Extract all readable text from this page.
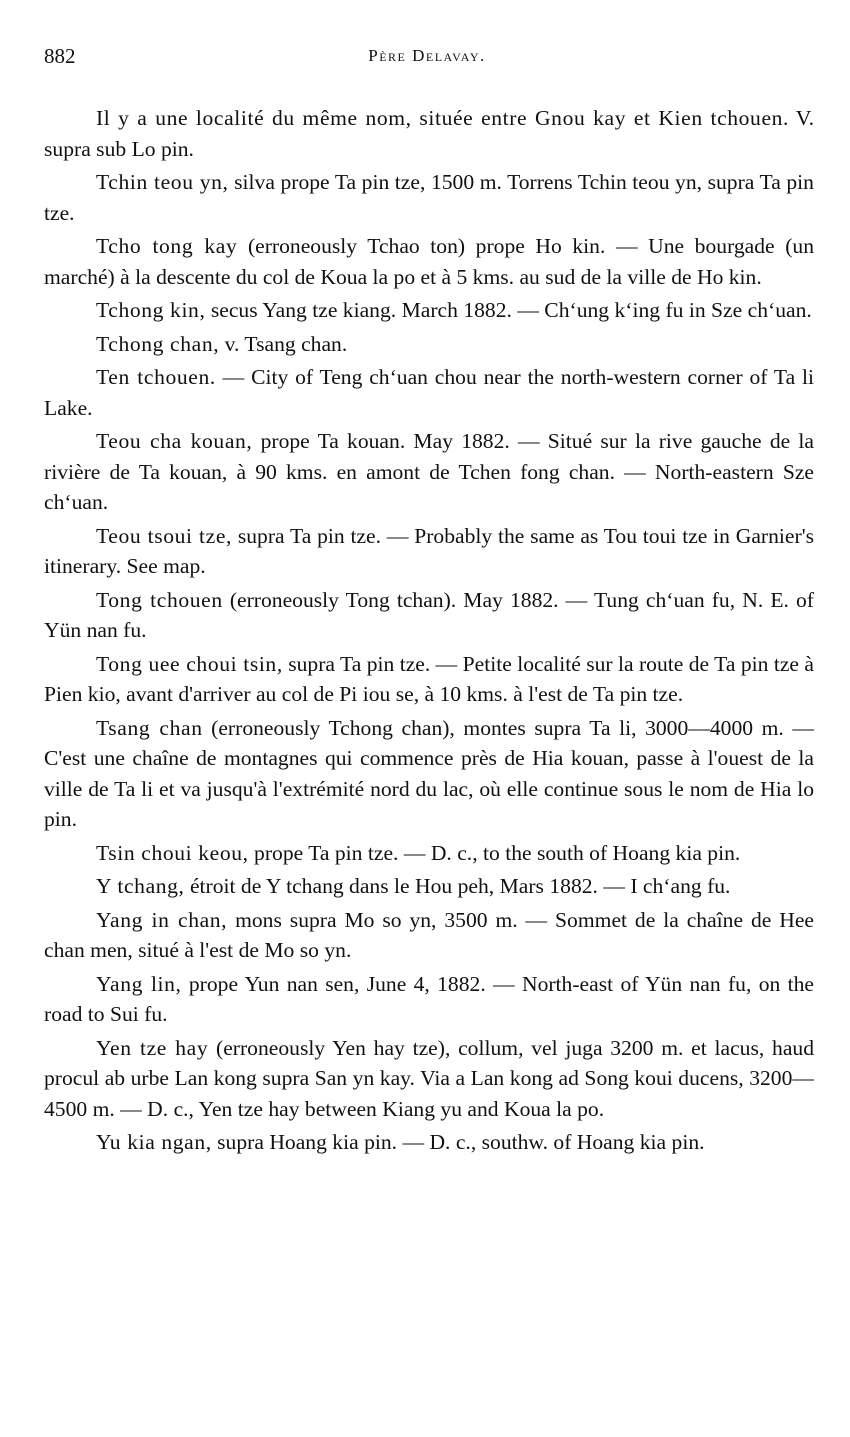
882	Père Delavay.

Il y a une localité du même nom, située entre Gnou kay et Kien tchouen. V. supra sub Lo pin.

Tchin teou yn, silva prope Ta pin tze, 1500 m. Torrens Tchin teou yn, supra Ta pin tze.

Tcho tong kay (erroneously Tchao ton) prope Ho kin. — Une bourgade (un marché) à la descente du col de Koua la po et à 5 kms. au sud de la ville de Ho kin.

Tchong kin, secus Yang tze kiang. March 1882. — Chʻung kʻing fu in Sze chʻuan.

Tchong chan, v. Tsang chan.

Ten tchouen. — City of Teng chʻuan chou near the north-western corner of Ta li Lake.

Teou cha kouan, prope Ta kouan. May 1882. — Situé sur la rive gauche de la rivière de Ta kouan, à 90 kms. en amont de Tchen fong chan. — North-eastern Sze chʻuan.

Teou tsoui tze, supra Ta pin tze. — Probably the same as Tou toui tze in Garnier's itinerary. See map.

Tong tchouen (erroneously Tong tchan). May 1882. — Tung chʻuan fu, N. E. of Yün nan fu.

Tong uee choui tsin, supra Ta pin tze. — Petite localité sur la route de Ta pin tze à Pien kio, avant d'arriver au col de Pi iou se, à 10 kms. à l'est de Ta pin tze.

Tsang chan (erroneously Tchong chan), montes supra Ta li, 3000—4000 m. — C'est une chaîne de montagnes qui commence près de Hia kouan, passe à l'ouest de la ville de Ta li et va jusqu'à l'extrémité nord du lac, où elle continue sous le nom de Hia lo pin.

Tsin choui keou, prope Ta pin tze. — D. c., to the south of Hoang kia pin.

Y tchang, étroit de Y tchang dans le Hou peh, Mars 1882. — I chʻang fu.

Yang in chan, mons supra Mo so yn, 3500 m. — Sommet de la chaîne de Hee chan men, situé à l'est de Mo so yn.

Yang lin, prope Yun nan sen, June 4, 1882. — North-east of Yün nan fu, on the road to Sui fu.

Yen tze hay (erroneously Yen hay tze), collum, vel juga 3200 m. et lacus, haud procul ab urbe Lan kong supra San yn kay. Via a Lan kong ad Song koui ducens, 3200—4500 m. — D. c., Yen tze hay between Kiang yu and Koua la po.

Yu kia ngan, supra Hoang kia pin. — D. c., southw. of Hoang kia pin.
